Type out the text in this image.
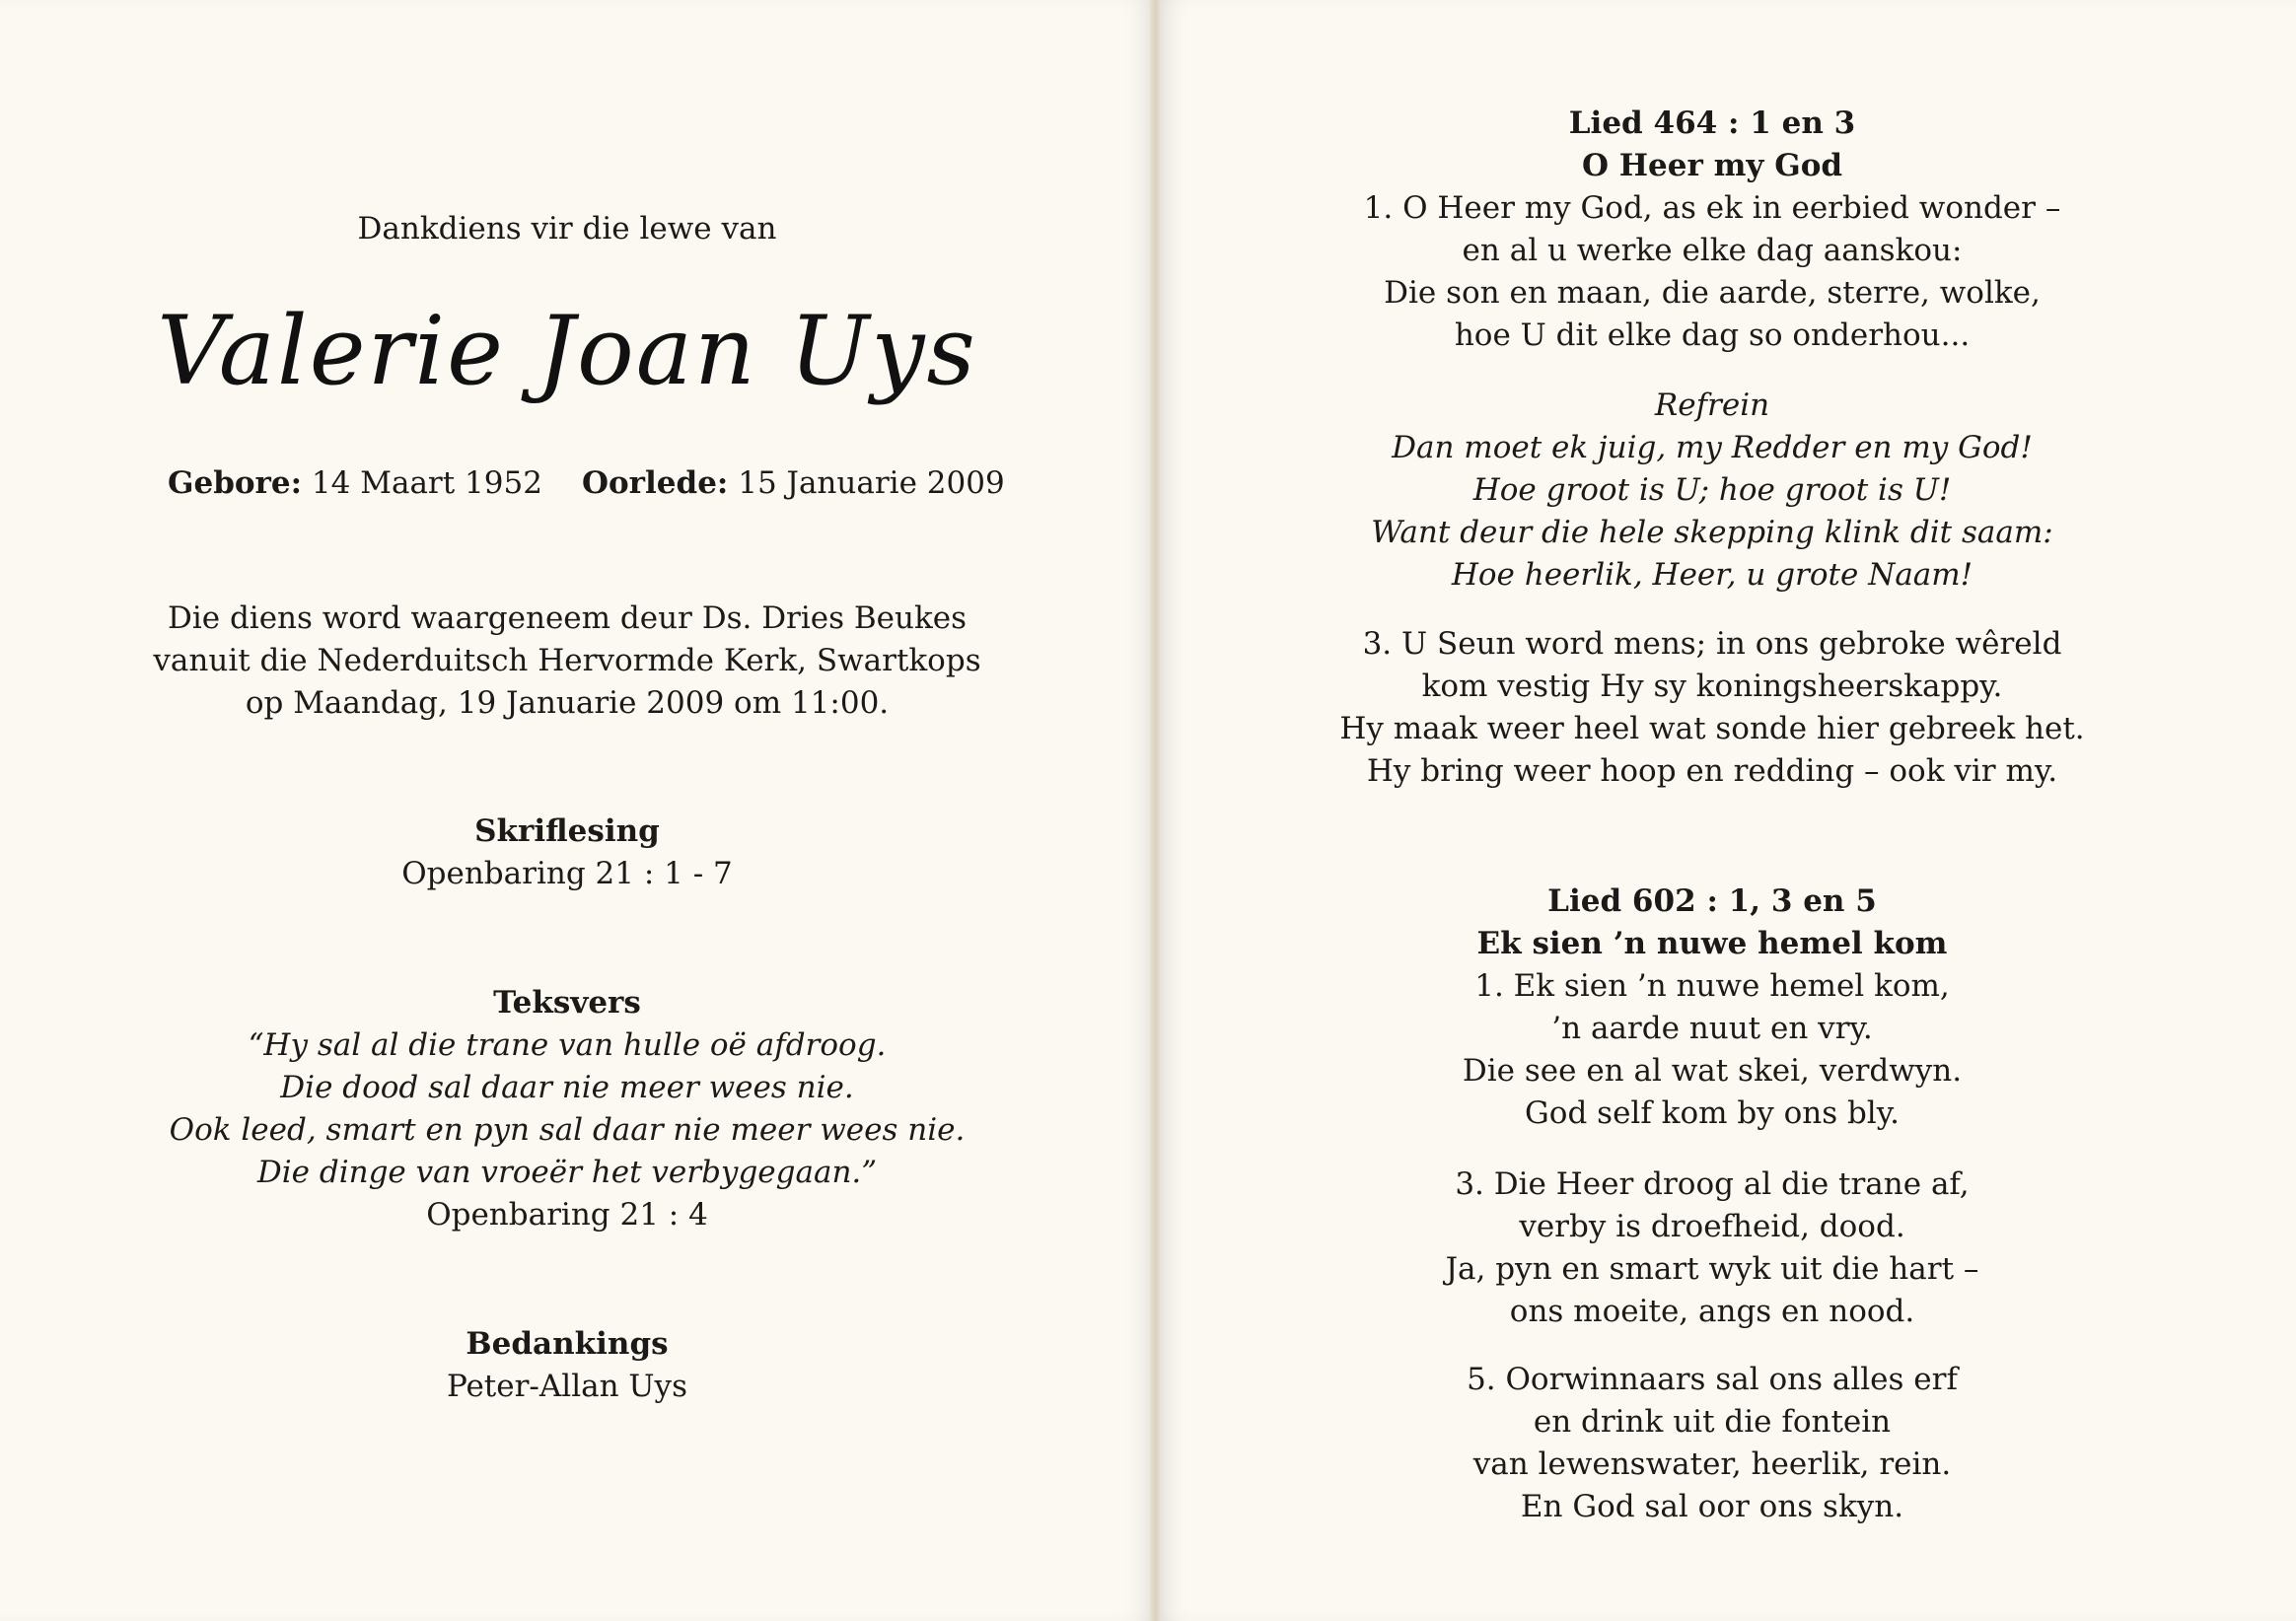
Dankdiens vir die lewe van
Valerie Joan Uys
Gebore: 14 Maart 1952 Oorlede: 15 Januarie 2009
Die diens word waargeneem deur Ds. Dries Beukes
vanuit die Nederduitsch Hervormde Kerk, Swartkops
op Maandag, 19 Januarie 2009 om 11:00.
Skriflesing
Openbaring 21 : 1 - 7
Teksvers
“Hy sal al die trane van hulle oë afdroog.
Die dood sal daar nie meer wees nie.
Ook leed, smart en pyn sal daar nie meer wees nie.
Die dinge van vroeër het verbygegaan.”
Openbaring 21 : 4
Bedankings
Peter-Allan Uys
Lied 464 : 1 en 3
O Heer my God
1. O Heer my God, as ek in eerbied wonder –
en al u werke elke dag aanskou:
Die son en maan, die aarde, sterre, wolke,
hoe U dit elke dag so onderhou...
Refrein
Dan moet ek juig, my Redder en my God!
Hoe groot is U; hoe groot is U!
Want deur die hele skepping klink dit saam:
Hoe heerlik, Heer, u grote Naam!
3. U Seun word mens; in ons gebroke wêreld
kom vestig Hy sy koningsheerskappy.
Hy maak weer heel wat sonde hier gebreek het.
Hy bring weer hoop en redding – ook vir my.
Lied 602 : 1, 3 en 5
Ek sien ’n nuwe hemel kom
1. Ek sien ’n nuwe hemel kom,
’n aarde nuut en vry.
Die see en al wat skei, verdwyn.
God self kom by ons bly.
3. Die Heer droog al die trane af,
verby is droefheid, dood.
Ja, pyn en smart wyk uit die hart –
ons moeite, angs en nood.
5. Oorwinnaars sal ons alles erf
en drink uit die fontein
van lewenswater, heerlik, rein.
En God sal oor ons skyn.
